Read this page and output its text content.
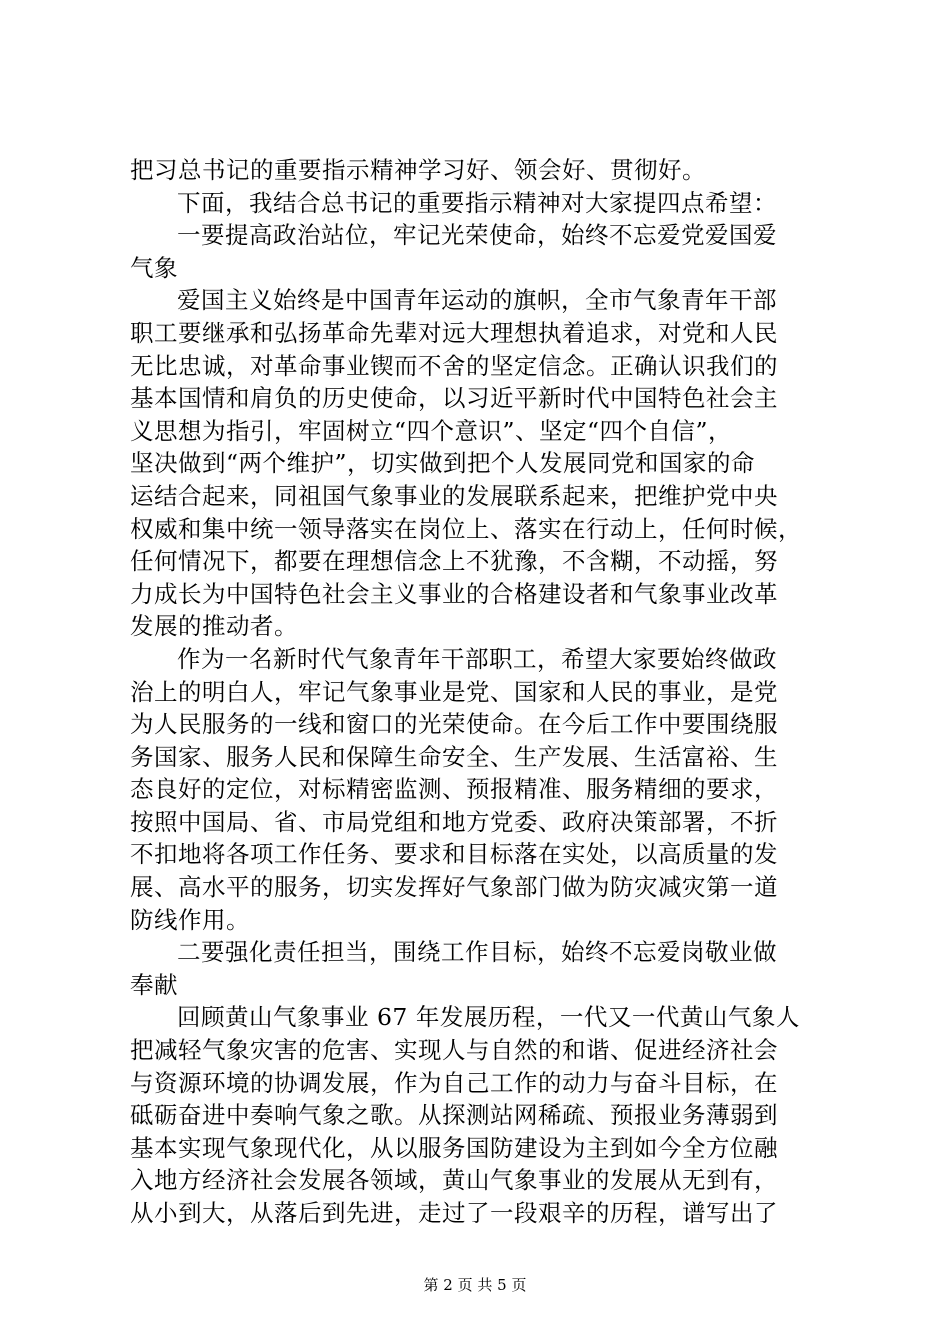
把习总书记的重要指示精神学习好、领会好、贯彻好。
下面，我结合总书记的重要指示精神对大家提四点希望：
一要提高政治站位，牢记光荣使命，始终不忘爱党爱国爱
气象
爱国主义始终是中国青年运动的旗帜，全市气象青年干部
职工要继承和弘扬革命先辈对远大理想执着追求，对党和人民
无比忠诚，对革命事业锲而不舍的坚定信念。正确认识我们的
基本国情和肩负的历史使命，以习近平新时代中国特色社会主
义思想为指引，牢固树立“四个意识”、坚定“四个自信”，
坚决做到“两个维护”，切实做到把个人发展同党和国家的命
运结合起来，同祖国气象事业的发展联系起来，把维护党中央
权威和集中统一领导落实在岗位上、落实在行动上，任何时候，
任何情况下，都要在理想信念上不犹豫，不含糊，不动摇，努
力成长为中国特色社会主义事业的合格建设者和气象事业改革
发展的推动者。
作为一名新时代气象青年干部职工，希望大家要始终做政
治上的明白人，牢记气象事业是党、国家和人民的事业，是党
为人民服务的一线和窗口的光荣使命。在今后工作中要围绕服
务国家、服务人民和保障生命安全、生产发展、生活富裕、生
态良好的定位，对标精密监测、预报精准、服务精细的要求，
按照中国局、省、市局党组和地方党委、政府决策部署，不折
不扣地将各项工作任务、要求和目标落在实处，以高质量的发
展、高水平的服务，切实发挥好气象部门做为防灾减灾第一道
防线作用。
二要强化责任担当，围绕工作目标，始终不忘爱岗敬业做
奉献
回顾黄山气象事业 67 年发展历程，一代又一代黄山气象人
把减轻气象灾害的危害、实现人与自然的和谐、促进经济社会
与资源环境的协调发展，作为自己工作的动力与奋斗目标，在
砥砺奋进中奏响气象之歌。从探测站网稀疏、预报业务薄弱到
基本实现气象现代化，从以服务国防建设为主到如今全方位融
入地方经济社会发展各领域，黄山气象事业的发展从无到有，
从小到大，从落后到先进，走过了一段艰辛的历程，谱写出了
第 2 页 共 5 页
